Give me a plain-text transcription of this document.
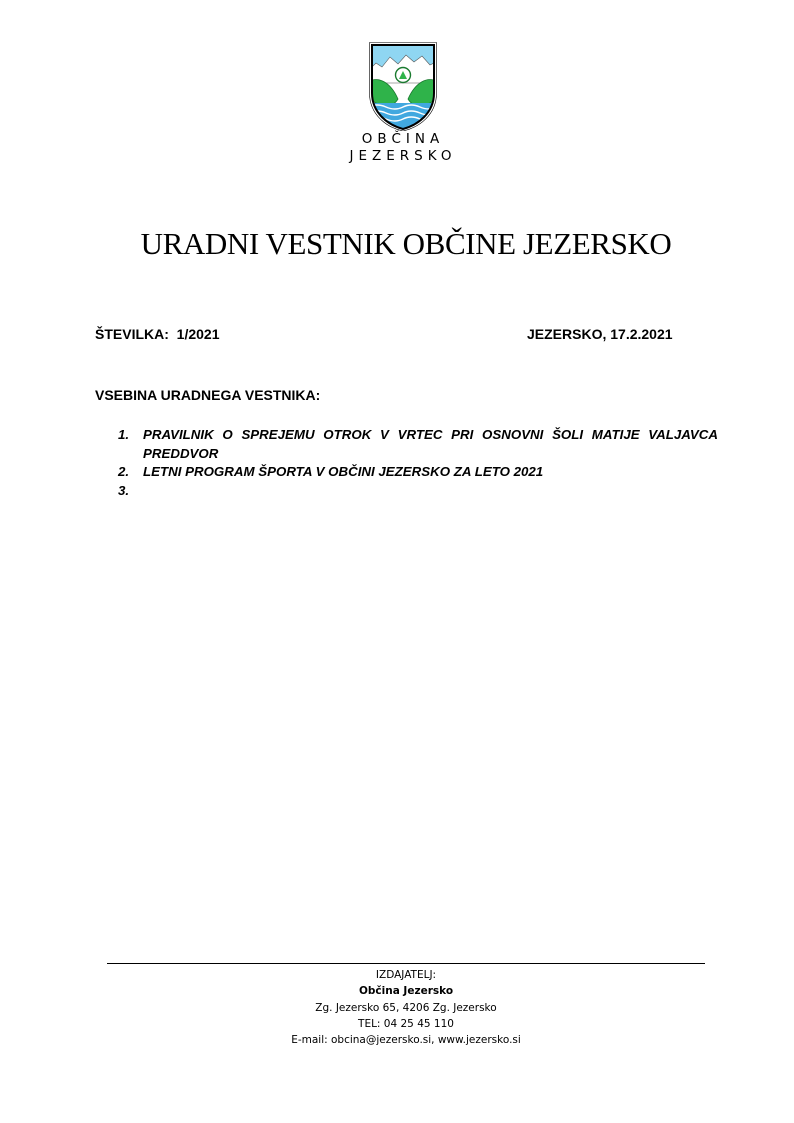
OBČINA
JEZERSKO
URADNI VESTNIK OBČINE JEZERSKO
ŠTEVILKA: 1/2021	JEZERSKO, 17.2.2021
VSEBINA URADNEGA VESTNIKA:
1.	PRAVILNIK O SPREJEMU OTROK V VRTEC PRI OSNOVNI ŠOLI MATIJE VALJAVCA PREDDVOR
2.	LETNI PROGRAM ŠPORTA V OBČINI JEZERSKO ZA LETO 2021
3.
IZDAJATELJ:
Občina Jezersko
Zg. Jezersko 65, 4206 Zg. Jezersko
TEL: 04 25 45 110
E-mail: obcina@jezersko.si, www.jezersko.si
